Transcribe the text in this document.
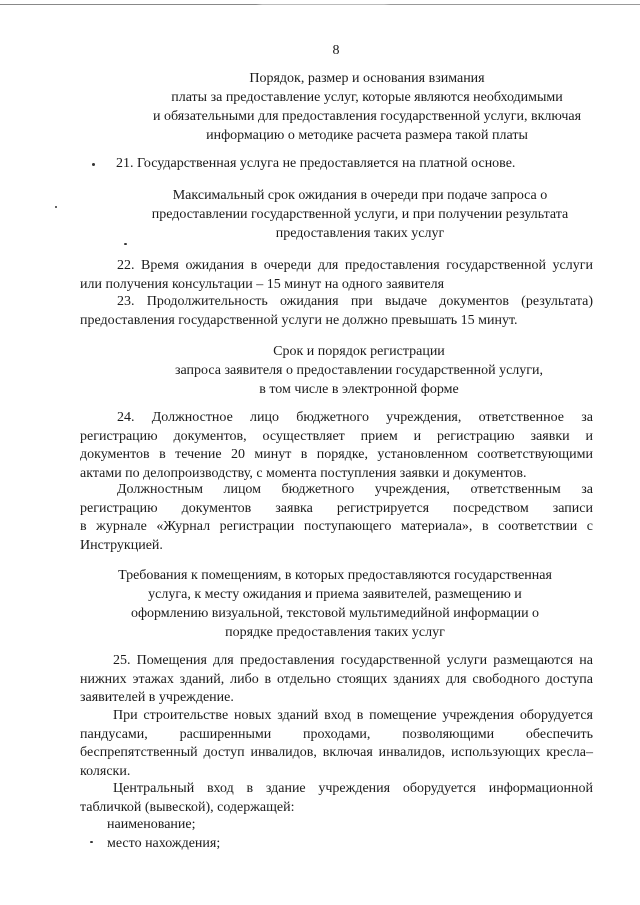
8
Порядок, размер и основания взимания
платы за предоставление услуг, которые являются необходимыми
и обязательными для предоставления государственной услуги, включая
информацию о методике расчета размера такой платы
21. Государственная услуга не предоставляется на платной основе.
Максимальный срок ожидания в очереди при подаче запроса о
предоставлении государственной услуги, и при получении результата
предоставления таких услуг
22. Время ожидания в очереди для предоставления государственной услуги
или получения консультации – 15 минут на одного заявителя
23. Продолжительность ожидания при выдаче документов (результата)
предоставления государственной услуги не должно превышать 15 минут.
Срок и порядок регистрации
запроса заявителя о предоставлении государственной услуги,
в том числе в электронной форме
24. Должностное лицо бюджетного учреждения, ответственное за
регистрацию документов, осуществляет прием и регистрацию заявки и
документов в течение 20 минут в порядке, установленном соответствующими
актами по делопроизводству, с момента поступления заявки и документов.
Должностным лицом бюджетного учреждения, ответственным за
регистрацию документов заявка регистрируется посредством записи
в журнале «Журнал регистрации поступающего материала», в соответствии с
Инструкцией.
Требования к помещениям, в которых предоставляются государственная
услуга, к месту ожидания и приема заявителей, размещению и
оформлению визуальной, текстовой мультимедийной информации о
порядке предоставления таких услуг
25. Помещения для предоставления государственной услуги размещаются на
нижних этажах зданий, либо в отдельно стоящих зданиях для свободного доступа
заявителей в учреждение.
При строительстве новых зданий вход в помещение учреждения оборудуется
пандусами, расширенными проходами, позволяющими обеспечить
беспрепятственный доступ инвалидов, включая инвалидов, использующих кресла–
коляски.
Центральный вход в здание учреждения оборудуется информационной
табличкой (вывеской), содержащей:
наименование;
место нахождения;
